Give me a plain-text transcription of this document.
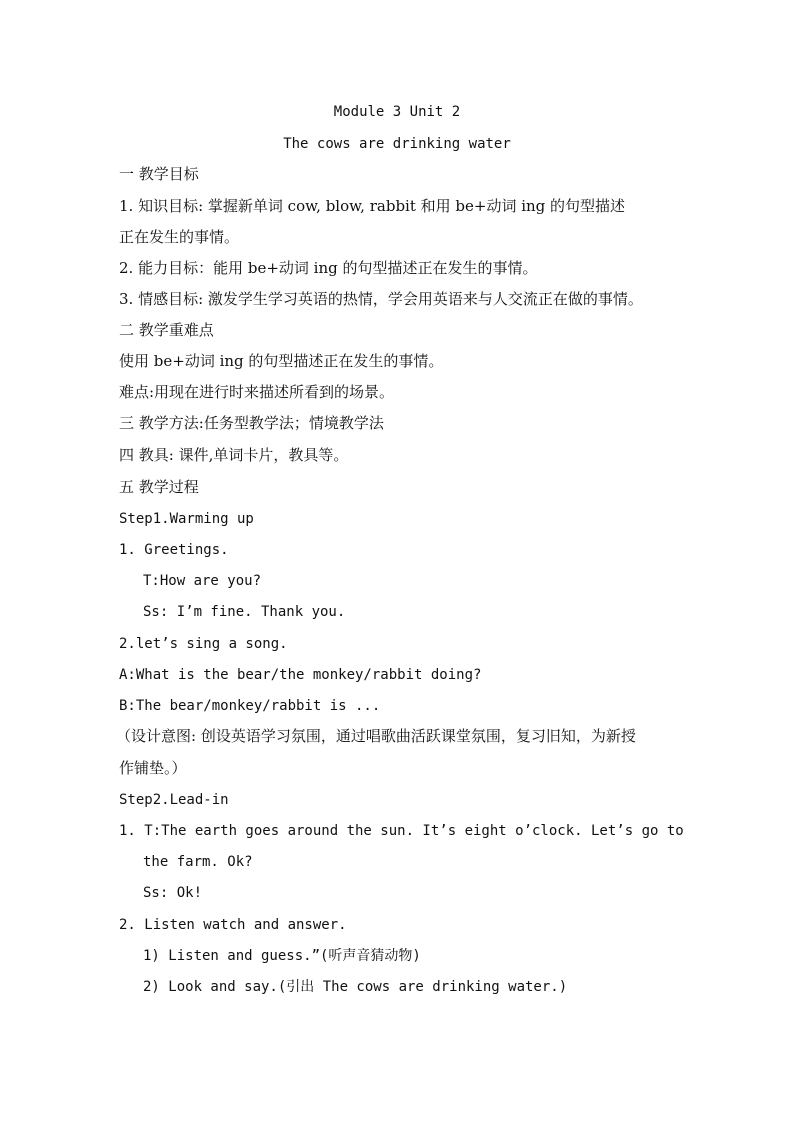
Module 3 Unit 2
The cows are drinking water
一 教学目标
1. 知识目标: 掌握新单词 cow, blow, rabbit 和用 be+动词 ing 的句型描述
正在发生的事情。
2. 能力目标：能用 be+动词 ing 的句型描述正在发生的事情。
3. 情感目标: 激发学生学习英语的热情，学会用英语来与人交流正在做的事情。
二 教学重难点
使用 be+动词 ing 的句型描述正在发生的事情。
难点:用现在进行时来描述所看到的场景。
三 教学方法:任务型教学法；情境教学法
四 教具: 课件,单词卡片，教具等。
五 教学过程
Step1.Warming up
1. Greetings.
T:How are you?
Ss: I’m fine. Thank you.
2.let’s sing a song.
A:What is the bear/the monkey/rabbit doing?
B:The bear/monkey/rabbit is ...
（设计意图: 创设英语学习氛围，通过唱歌曲活跃课堂氛围，复习旧知，为新授
作铺垫。）
Step2.Lead-in
1. T:The earth goes around the sun. It’s eight o’clock. Let’s go to
the farm. Ok?
Ss: Ok!
2. Listen watch and answer.
1) Listen and guess.”(听声音猜动物)
2) Look and say.(引出 The cows are drinking water.)
